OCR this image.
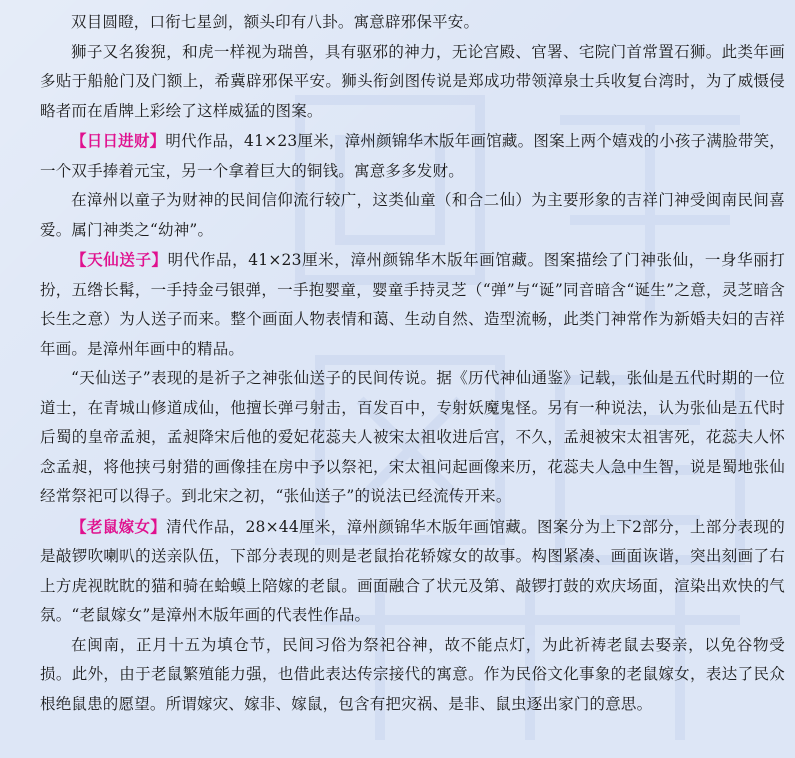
双目圆瞪，口衔七星剑，额头印有八卦。寓意辟邪保平安。

狮子又名狻猊，和虎一样视为瑞兽，具有驱邪的神力，无论宫殿、官署、宅院门首常置石狮。此类年画多贴于船舱门及门额上，希冀辟邪保平安。狮头衔剑图传说是郑成功带领漳泉士兵收复台湾时，为了威慑侵略者而在盾牌上彩绘了这样威猛的图案。

【日日进财】明代作品，41×23厘米，漳州颜锦华木版年画馆藏。图案上两个嬉戏的小孩子满脸带笑，一个双手捧着元宝，另一个拿着巨大的铜钱。寓意多多发财。

在漳州以童子为财神的民间信仰流行较广，这类仙童（和合二仙）为主要形象的吉祥门神受闽南民间喜爱。属门神类之“幼神”。

【天仙送子】明代作品，41×23厘米，漳州颜锦华木版年画馆藏。图案描绘了门神张仙，一身华丽打扮，五绺长髯，一手持金弓银弹，一手抱婴童，婴童手持灵芝（“弹”与“诞”同音暗含“诞生”之意，灵芝暗含长生之意）为人送子而来。整个画面人物表情和蔼、生动自然、造型流畅，此类门神常作为新婚夫妇的吉祥年画。是漳州年画中的精品。

“天仙送子”表现的是祈子之神张仙送子的民间传说。据《历代神仙通鉴》记载，张仙是五代时期的一位道士，在青城山修道成仙，他擅长弹弓射击，百发百中，专射妖魔鬼怪。另有一种说法，认为张仙是五代时后蜀的皇帝孟昶，孟昶降宋后他的爱妃花蕊夫人被宋太祖收进后宫，不久，孟昶被宋太祖害死，花蕊夫人怀念孟昶，将他挟弓射猎的画像挂在房中予以祭祀，宋太祖问起画像来历，花蕊夫人急中生智，说是蜀地张仙经常祭祀可以得子。到北宋之初，“张仙送子”的说法已经流传开来。

【老鼠嫁女】清代作品，28×44厘米，漳州颜锦华木版年画馆藏。图案分为上下2部分，上部分表现的是敲锣吹喇叭的送亲队伍，下部分表现的则是老鼠抬花轿嫁女的故事。构图紧凑、画面诙谐，突出刻画了右上方虎视眈眈的猫和骑在蛤蟆上陪嫁的老鼠。画面融合了状元及第、敲锣打鼓的欢庆场面，渲染出欢快的气氛。“老鼠嫁女”是漳州木版年画的代表性作品。

在闽南，正月十五为填仓节，民间习俗为祭祀谷神，故不能点灯，为此祈祷老鼠去娶亲，以免谷物受损。此外，由于老鼠繁殖能力强，也借此表达传宗接代的寓意。作为民俗文化事象的老鼠嫁女，表达了民众根绝鼠患的愿望。所谓嫁灾、嫁非、嫁鼠，包含有把灾祸、是非、鼠虫逐出家门的意思。
